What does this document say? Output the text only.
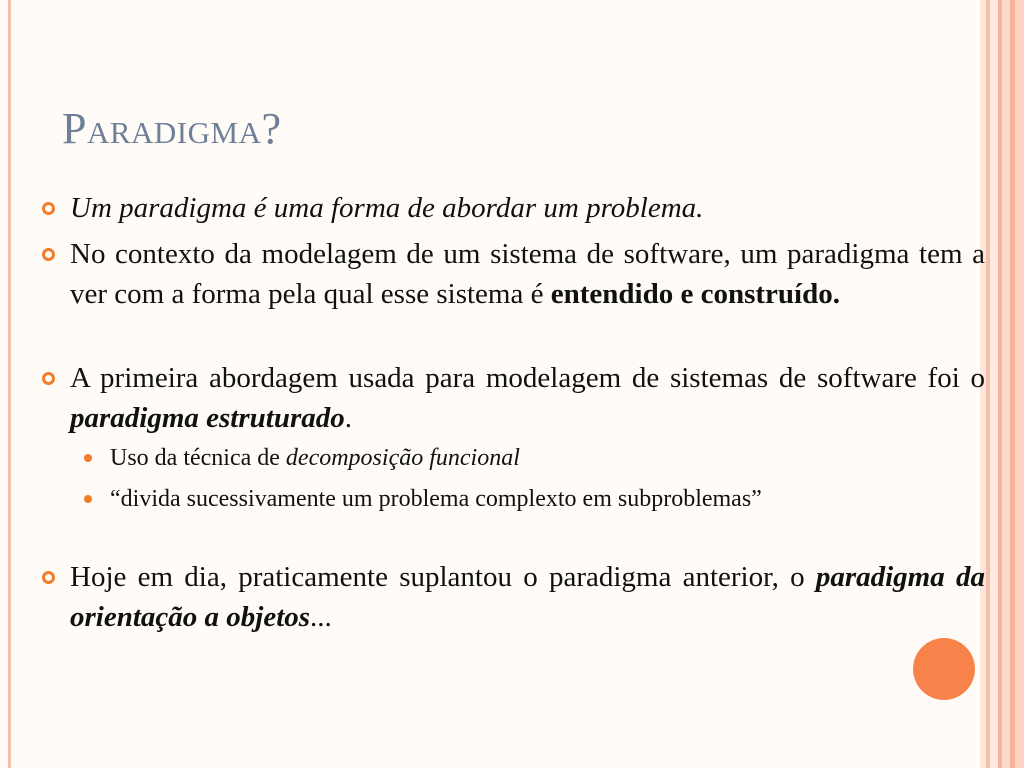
Paradigma?
Um paradigma é uma forma de abordar um problema.
No contexto da modelagem de um sistema de software, um paradigma tem a ver com a forma pela qual esse sistema é entendido e construído.
A primeira abordagem usada para modelagem de sistemas de software foi o paradigma estruturado.
Uso da técnica de decomposição funcional
“divida sucessivamente um problema complexto em subproblemas”
Hoje em dia, praticamente suplantou o paradigma anterior, o paradigma da orientação a objetos...
